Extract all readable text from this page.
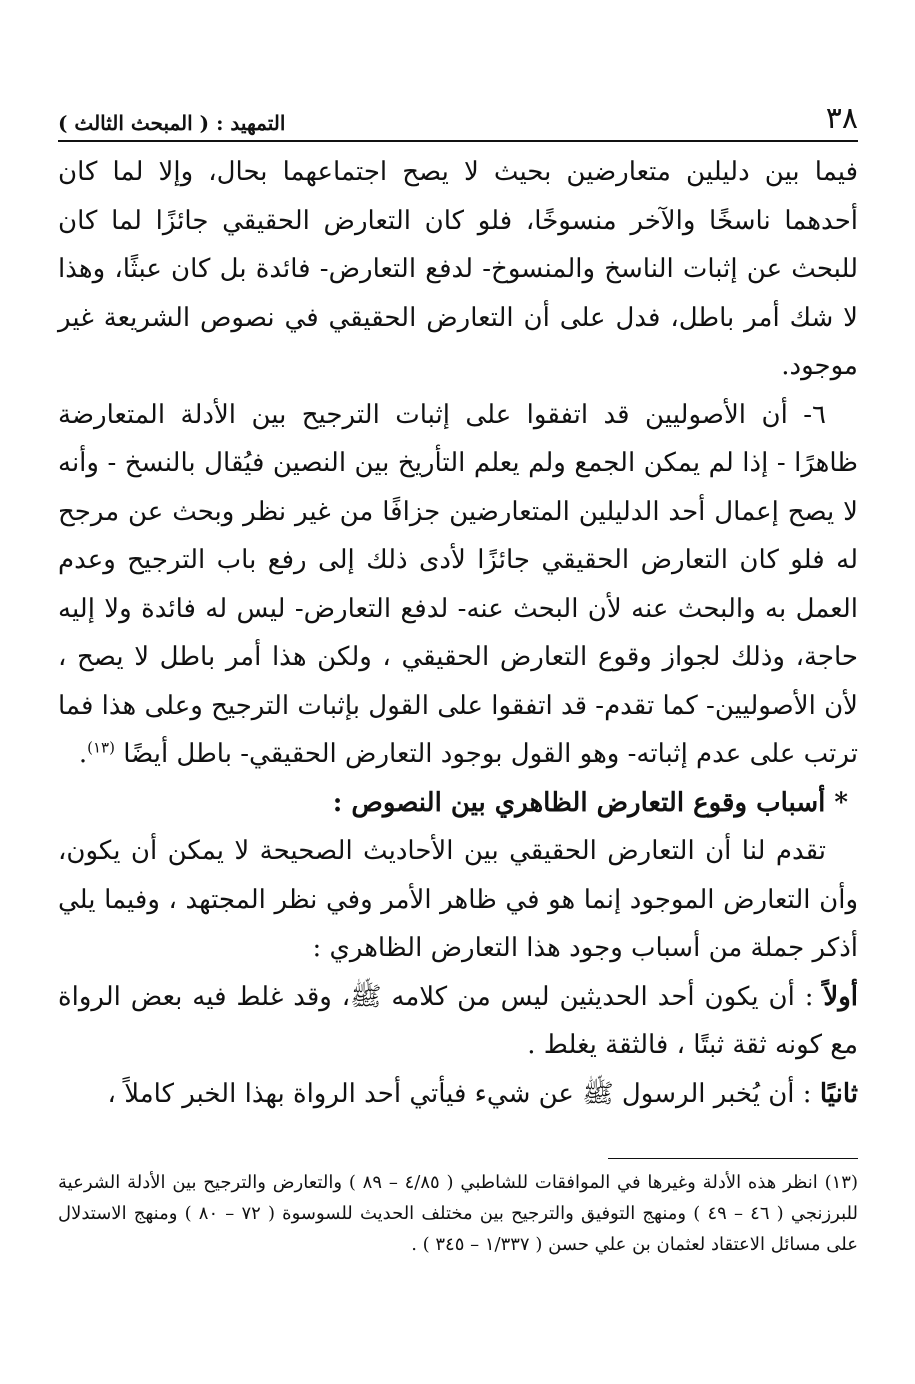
٣٨
التمهيد : ( المبحث الثالث )

فيما بين دليلين متعارضين بحيث لا يصح اجتماعهما بحال، وإلا لما كان أحدهما ناسخًا والآخر منسوخًا، فلو كان التعارض الحقيقي جائزًا لما كان للبحث عن إثبات الناسخ والمنسوخ- لدفع التعارض- فائدة بل كان عبثًا، وهذا لا شك أمر باطل، فدل على أن التعارض الحقيقي في نصوص الشريعة غير موجود.

٦- أن الأصوليين قد اتفقوا على إثبات الترجيح بين الأدلة المتعارضة ظاهرًا - إذا لم يمكن الجمع ولم يعلم التأريخ بين النصين فيُقال بالنسخ - وأنه لا يصح إعمال أحد الدليلين المتعارضين جزافًا من غير نظر وبحث عن مرجح له فلو كان التعارض الحقيقي جائزًا لأدى ذلك إلى رفع باب الترجيح وعدم العمل به والبحث عنه لأن البحث عنه- لدفع التعارض- ليس له فائدة ولا إليه حاجة، وذلك لجواز وقوع التعارض الحقيقي ، ولكن هذا أمر باطل لا يصح ، لأن الأصوليين- كما تقدم- قد اتفقوا على القول بإثبات الترجيح وعلى هذا فما ترتب على عدم إثباته- وهو القول بوجود التعارض الحقيقي- باطل أيضًا $^{(١٣)}$.

* أسباب وقوع التعارض الظاهري بين النصوص :

تقدم لنا أن التعارض الحقيقي بين الأحاديث الصحيحة لا يمكن أن يكون، وأن التعارض الموجود إنما هو في ظاهر الأمر وفي نظر المجتهد ، وفيما يلي أذكر جملة من أسباب وجود هذا التعارض الظاهري :

أولاً : أن يكون أحد الحديثين ليس من كلامه ﷺ، وقد غلط فيه بعض الرواة مع كونه ثقة ثبتًا ، فالثقة يغلط .

ثانيًا : أن يُخبر الرسول ﷺ عن شيء فيأتي أحد الرواة بهذا الخبر كاملاً ،

(١٣) انظر هذه الأدلة وغيرها في الموافقات للشاطبي ( ٤/٨٥ – ٨٩ ) والتعارض والترجيح بين الأدلة الشرعية للبرزنجي ( ٤٦ – ٤٩ ) ومنهج التوفيق والترجيح بين مختلف الحديث للسوسوة ( ٧٢ – ٨٠ ) ومنهج الاستدلال على مسائل الاعتقاد لعثمان بن علي حسن ( ١/٣٣٧ – ٣٤٥ ) .
